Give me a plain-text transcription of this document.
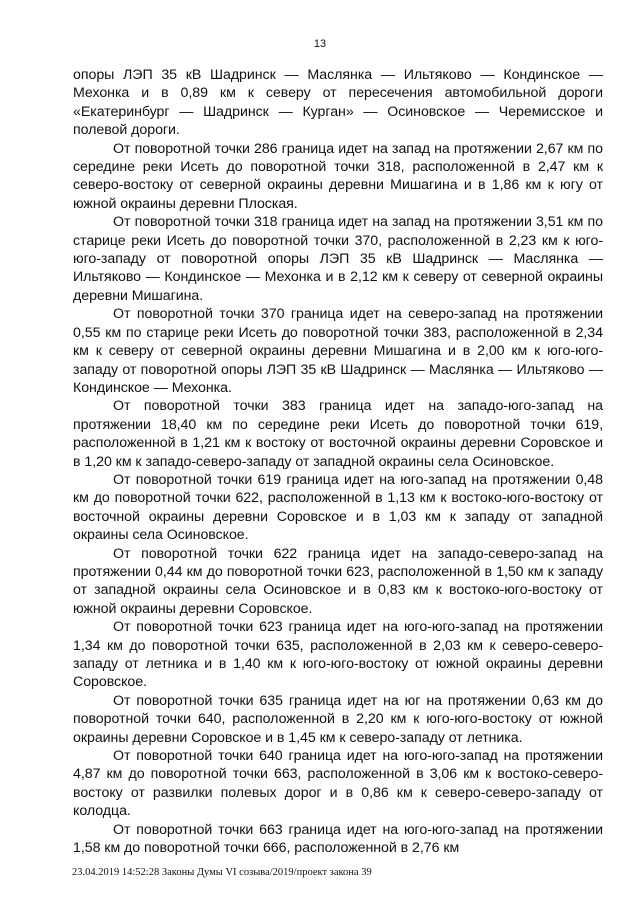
13

опоры ЛЭП 35 кВ Шадринск — Маслянка — Ильтяково — Кондинское — Мехонка и в 0,89 км к северу от пересечения автомобильной дороги «Екатеринбург — Шадринск — Курган» — Осиновское — Черемисское и полевой дороги.

От поворотной точки 286 граница идет на запад на протяжении 2,67 км по середине реки Исеть до поворотной точки 318, расположенной в 2,47 км к северо-востоку от северной окраины деревни Мишагина и в 1,86 км к югу от южной окраины деревни Плоская.

От поворотной точки 318 граница идет на запад на протяжении 3,51 км по старице реки Исеть до поворотной точки 370, расположенной в 2,23 км к юго-юго-западу от поворотной опоры ЛЭП 35 кВ Шадринск — Маслянка — Ильтяково — Кондинское — Мехонка и в 2,12 км к северу от северной окраины деревни Мишагина.

От поворотной точки 370 граница идет на северо-запад на протяжении 0,55 км по старице реки Исеть до поворотной точки 383, расположенной в 2,34 км к северу от северной окраины деревни Мишагина и в 2,00 км к юго-юго-западу от поворотной опоры ЛЭП 35 кВ Шадринск — Маслянка — Ильтяково — Кондинское — Мехонка.

От поворотной точки 383 граница идет на западо-юго-запад на протяжении 18,40 км по середине реки Исеть до поворотной точки 619, расположенной в 1,21 км к востоку от восточной окраины деревни Соровское и в 1,20 км к западо-северо-западу от западной окраины села Осиновское.

От поворотной точки 619 граница идет на юго-запад на протяжении 0,48 км до поворотной точки 622, расположенной в 1,13 км к востоко-юго-востоку от восточной окраины деревни Соровское и в 1,03 км к западу от западной окраины села Осиновское.

От поворотной точки 622 граница идет на западо-северо-запад на протяжении 0,44 км до поворотной точки 623, расположенной в 1,50 км к западу от западной окраины села Осиновское и в 0,83 км к востоко-юго-востоку от южной окраины деревни Соровское.

От поворотной точки 623 граница идет на юго-юго-запад на протяжении 1,34 км до поворотной точки 635, расположенной в 2,03 км к северо-северо-западу от летника и в 1,40 км к юго-юго-востоку от южной окраины деревни Соровское.

От поворотной точки 635 граница идет на юг на протяжении 0,63 км до поворотной точки 640, расположенной в 2,20 км к юго-юго-востоку от южной окраины деревни Соровское и в 1,45 км к северо-западу от летника.

От поворотной точки 640 граница идет на юго-юго-запад на протяжении 4,87 км до поворотной точки 663, расположенной в 3,06 км к востоко-северо-востоку от развилки полевых дорог и в 0,86 км к северо-северо-западу от колодца.

От поворотной точки 663 граница идет на юго-юго-запад на протяжении 1,58 км до поворотной точки 666, расположенной в 2,76 км

23.04.2019 14:52:28 Законы Думы VI созыва/2019/проект закона 39
